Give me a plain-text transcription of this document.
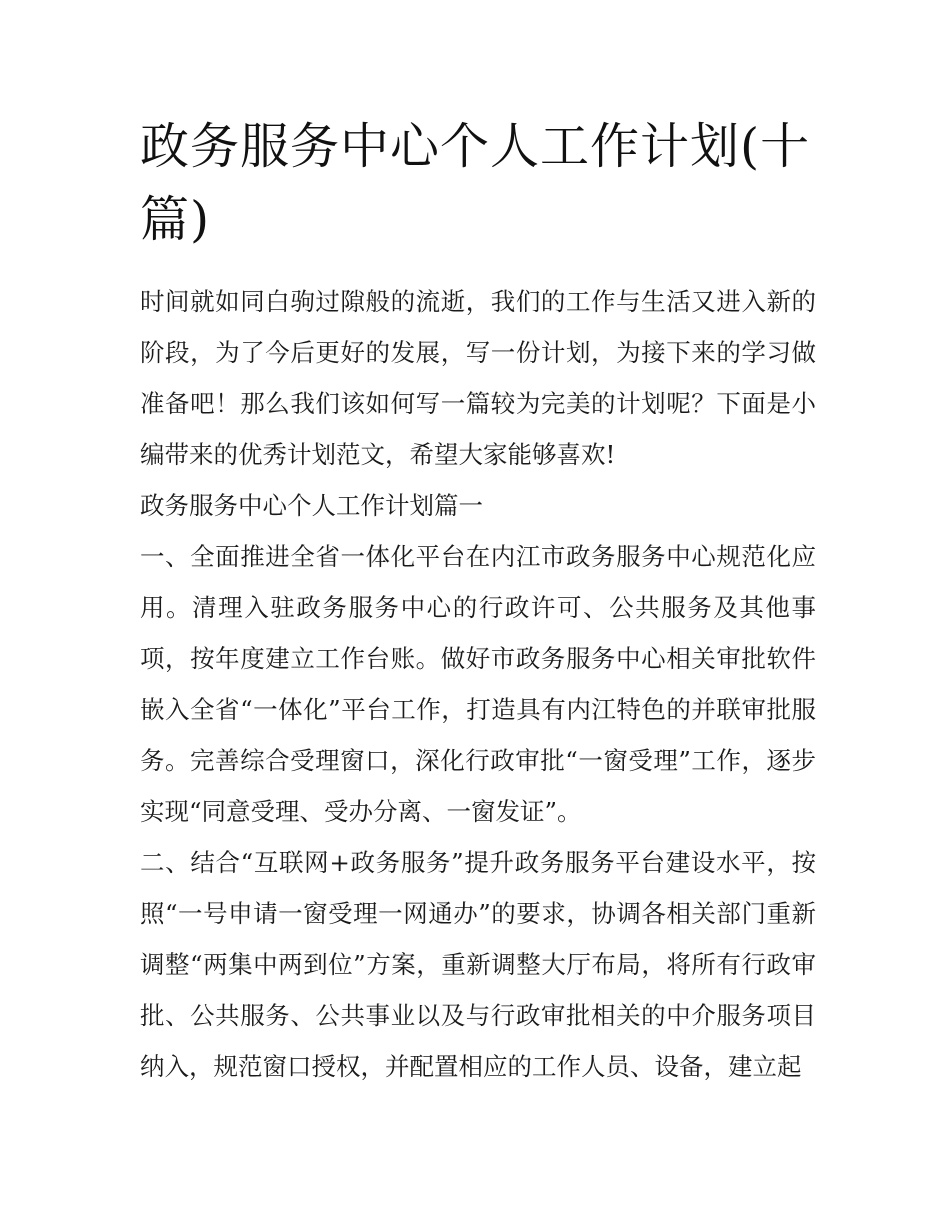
政务服务中心个人工作计划(十篇)

时间就如同白驹过隙般的流逝，我们的工作与生活又进入新的阶段，为了今后更好的发展，写一份计划，为接下来的学习做准备吧！那么我们该如何写一篇较为完美的计划呢？下面是小编带来的优秀计划范文，希望大家能够喜欢!

政务服务中心个人工作计划篇一

一、全面推进全省一体化平台在内江市政务服务中心规范化应用。清理入驻政务服务中心的行政许可、公共服务及其他事项，按年度建立工作台账。做好市政务服务中心相关审批软件嵌入全省“一体化”平台工作，打造具有内江特色的并联审批服务。完善综合受理窗口，深化行政审批“一窗受理”工作，逐步实现“同意受理、受办分离、一窗发证”。

二、结合“互联网+政务服务”提升政务服务平台建设水平，按照“一号申请一窗受理一网通办”的要求，协调各相关部门重新调整“两集中两到位”方案，重新调整大厅布局，将所有行政审批、公共服务、公共事业以及与行政审批相关的中介服务项目纳入，规范窗口授权，并配置相应的工作人员、设备，建立起
